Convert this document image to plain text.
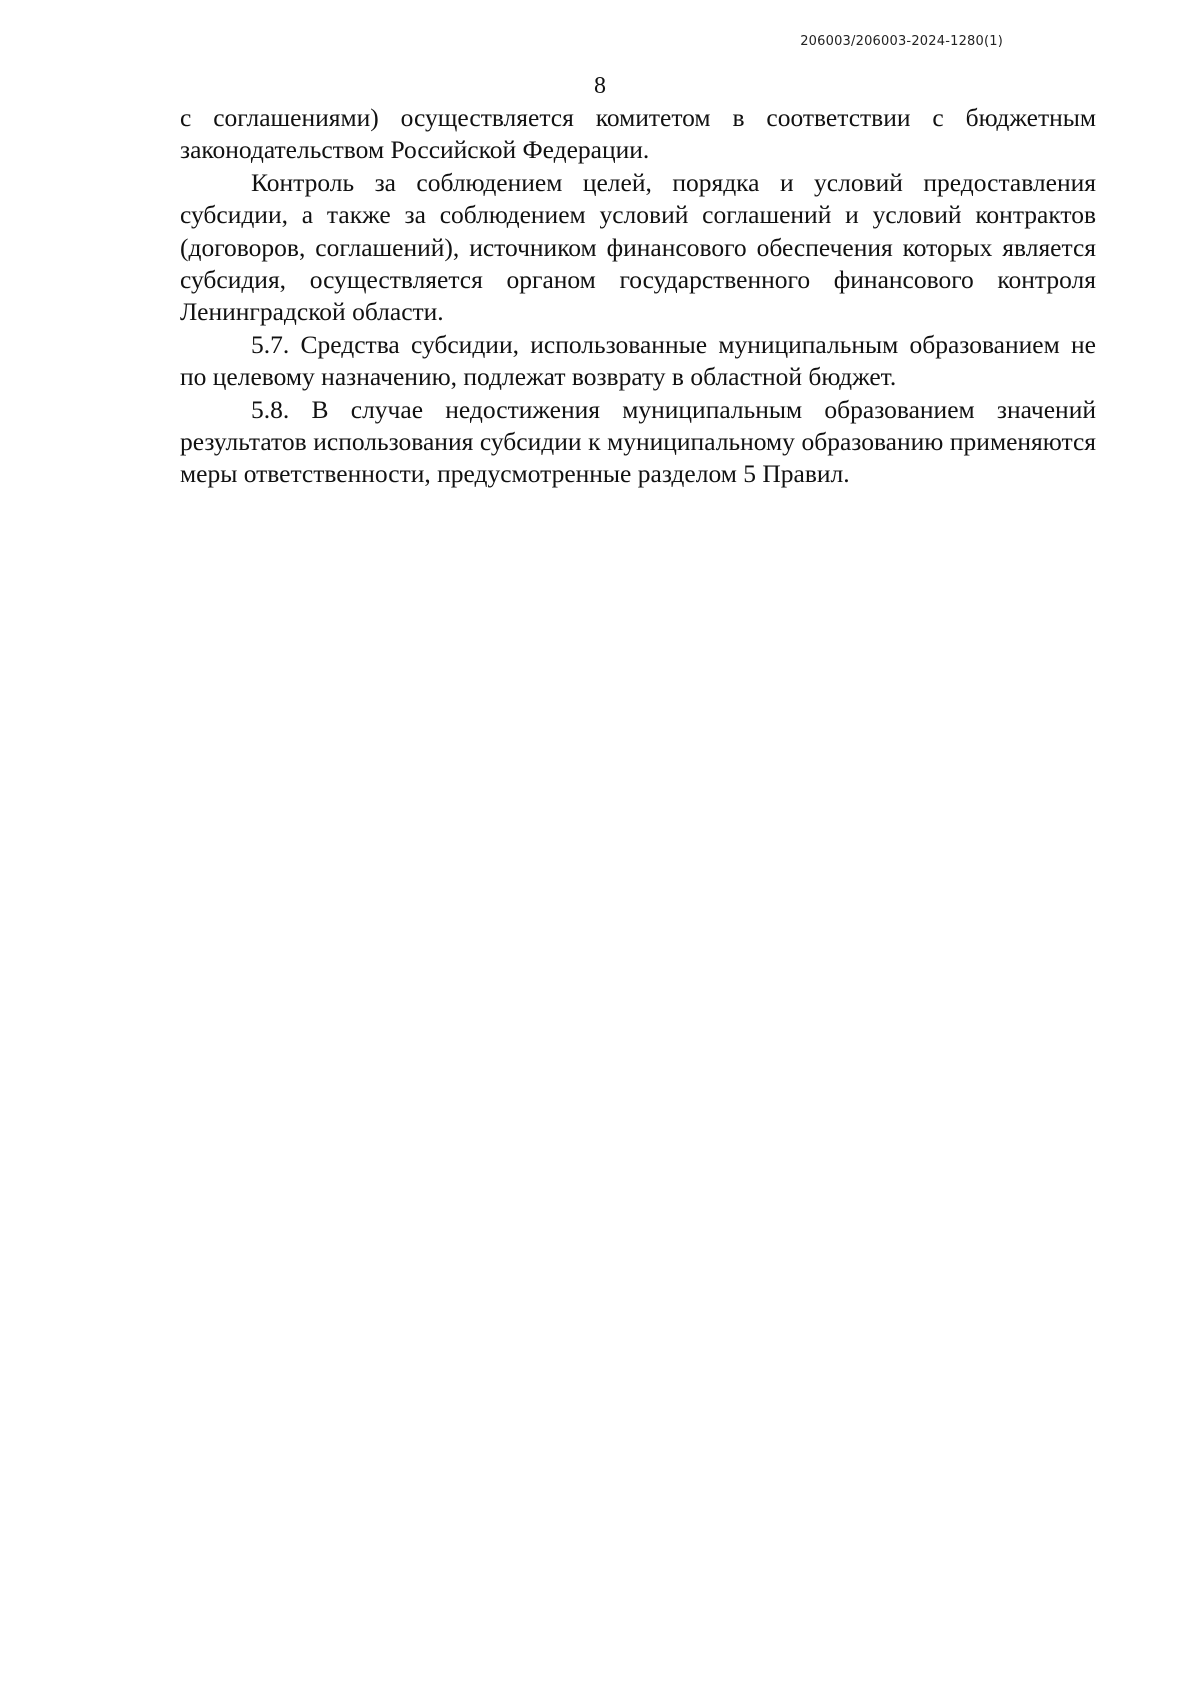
206003/206003-2024-1280(1)
8

с соглашениями) осуществляется комитетом в соответствии с бюджетным законодательством Российской Федерации.

Контроль за соблюдением целей, порядка и условий предоставления субсидии, а также за соблюдением условий соглашений и условий контрактов (договоров, соглашений), источником финансового обеспечения которых является субсидия, осуществляется органом государственного финансового контроля Ленинградской области.

5.7. Средства субсидии, использованные муниципальным образованием не по целевому назначению, подлежат возврату в областной бюджет.

5.8. В случае недостижения муниципальным образованием значений результатов использования субсидии к муниципальному образованию применяются меры ответственности, предусмотренные разделом 5 Правил.
